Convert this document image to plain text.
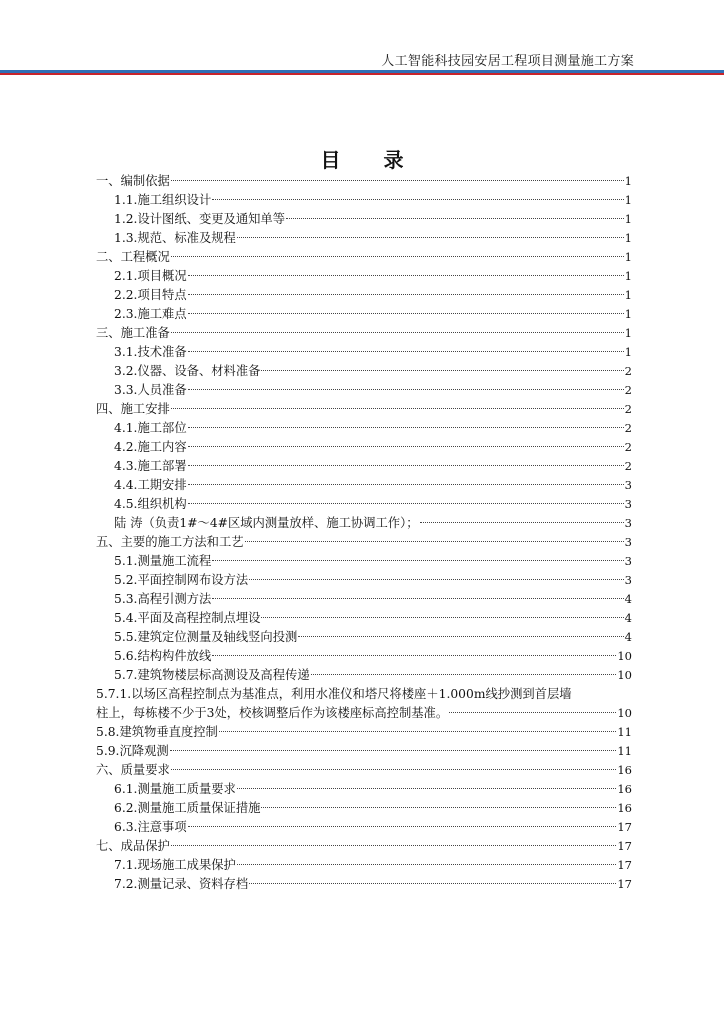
人工智能科技园安居工程项目测量施工方案
目 录
一、编制依据	1
1.1.施工组织设计	1
1.2.设计图纸、变更及通知单等	1
1.3.规范、标准及规程	1
二、工程概况	1
2.1.项目概况	1
2.2.项目特点	1
2.3.施工难点	1
三、施工准备	1
3.1.技术准备	1
3.2.仪器、设备、材料准备	2
3.3.人员准备	2
四、施工安排	2
4.1.施工部位	2
4.2.施工内容	2
4.3.施工部署	2
4.4.工期安排	3
4.5.组织机构	3
陆 涛（负责1#～4#区域内测量放样、施工协调工作）；	3
五、主要的施工方法和工艺	3
5.1.测量施工流程	3
5.2.平面控制网布设方法	3
5.3.高程引测方法	4
5.4.平面及高程控制点埋设	4
5.5.建筑定位测量及轴线竖向投测	4
5.6.结构构件放线	10
5.7.建筑物楼层标高测设及高程传递	10
5.7.1.以场区高程控制点为基准点，利用水准仪和塔尺将楼座＋1.000m线抄测到首层墙
柱上，每栋楼不少于3处，校核调整后作为该楼座标高控制基准。	10
5.8.建筑物垂直度控制	11
5.9.沉降观测	11
六、质量要求	16
6.1.测量施工质量要求	16
6.2.测量施工质量保证措施	16
6.3.注意事项	17
七、成品保护	17
7.1.现场施工成果保护	17
7.2.测量记录、资料存档	17
